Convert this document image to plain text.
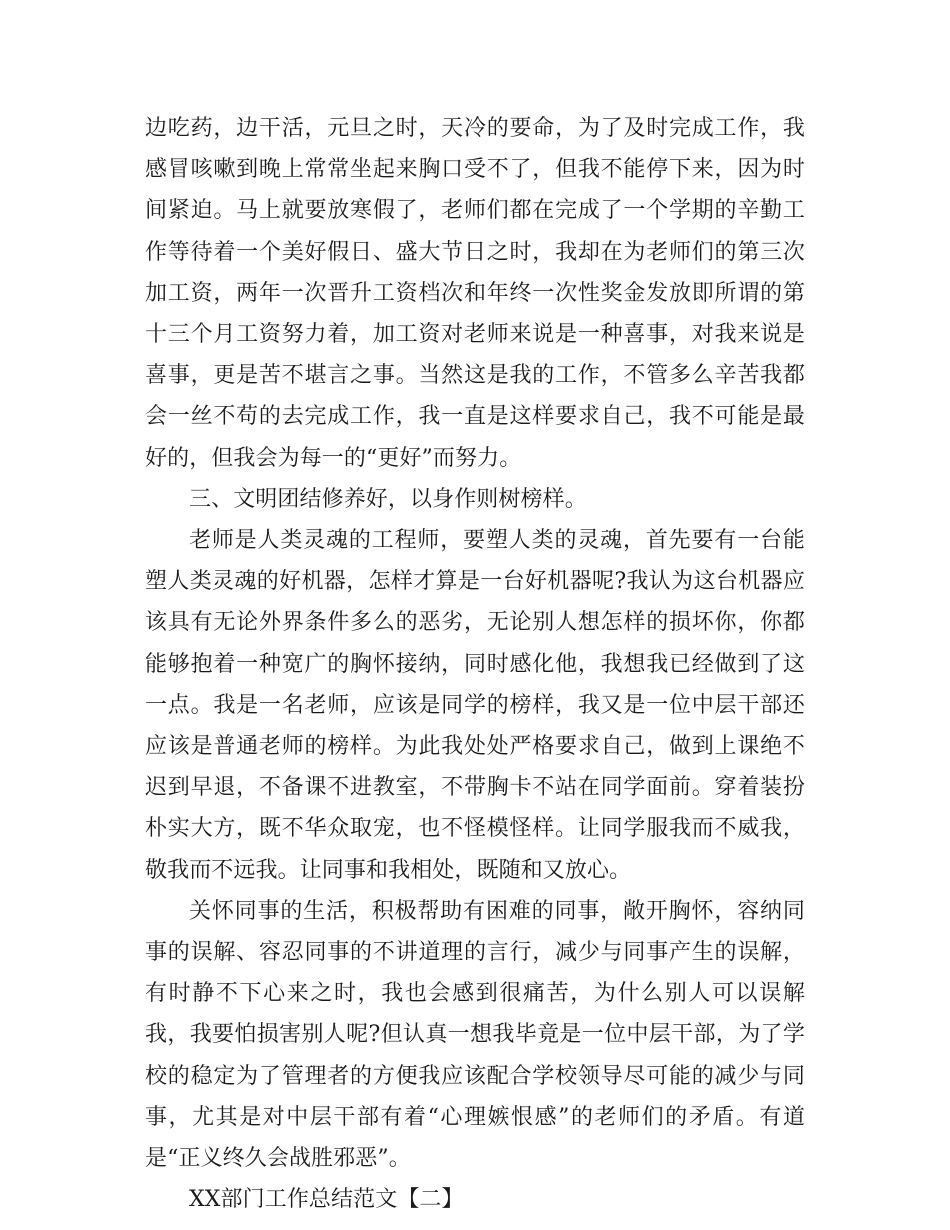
边吃药，边干活，元旦之时，天冷的要命，为了及时完成工作，我感冒咳嗽到晚上常常坐起来胸口受不了，但我不能停下来，因为时间紧迫。马上就要放寒假了，老师们都在完成了一个学期的辛勤工作等待着一个美好假日、盛大节日之时，我却在为老师们的第三次加工资，两年一次晋升工资档次和年终一次性奖金发放即所谓的第十三个月工资努力着，加工资对老师来说是一种喜事，对我来说是喜事，更是苦不堪言之事。当然这是我的工作，不管多么辛苦我都会一丝不苟的去完成工作，我一直是这样要求自己，我不可能是最好的，但我会为每一的“更好”而努力。

三、文明团结修养好，以身作则树榜样。

老师是人类灵魂的工程师，要塑人类的灵魂，首先要有一台能塑人类灵魂的好机器，怎样才算是一台好机器呢?我认为这台机器应该具有无论外界条件多么的恶劣，无论别人想怎样的损坏你，你都能够抱着一种宽广的胸怀接纳，同时感化他，我想我已经做到了这一点。我是一名老师，应该是同学的榜样，我又是一位中层干部还应该是普通老师的榜样。为此我处处严格要求自己，做到上课绝不迟到早退，不备课不进教室，不带胸卡不站在同学面前。穿着装扮朴实大方，既不华众取宠，也不怪模怪样。让同学服我而不威我，敬我而不远我。让同事和我相处，既随和又放心。

关怀同事的生活，积极帮助有困难的同事，敞开胸怀，容纳同事的误解、容忍同事的不讲道理的言行，减少与同事产生的误解，有时静不下心来之时，我也会感到很痛苦，为什么别人可以误解我，我要怕损害别人呢?但认真一想我毕竟是一位中层干部，为了学校的稳定为了管理者的方便我应该配合学校领导尽可能的减少与同事，尤其是对中层干部有着“心理嫉恨感”的老师们的矛盾。有道是“正义终久会战胜邪恶”。

XX部门工作总结范文【二】
